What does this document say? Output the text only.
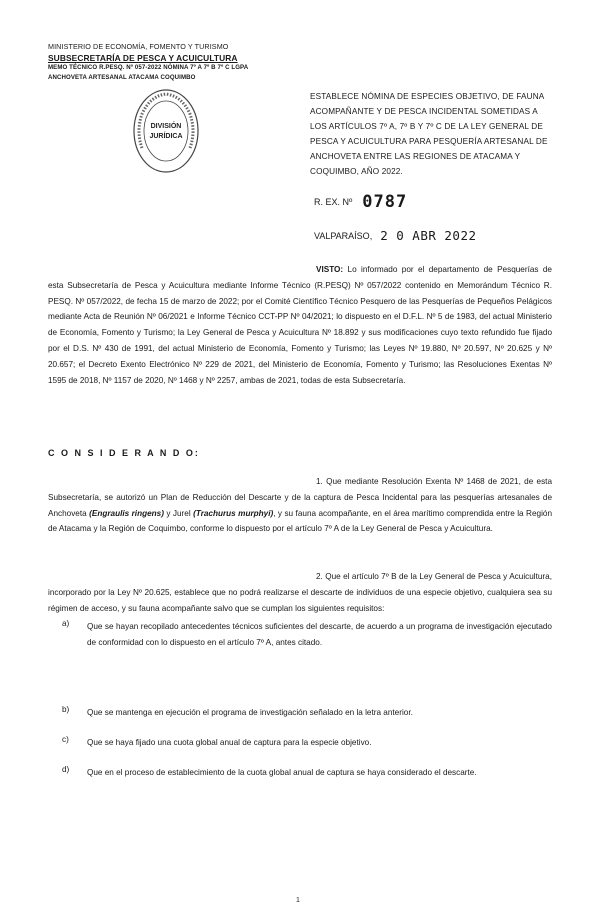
MINISTERIO DE ECONOMÍA, FOMENTO Y TURISMO
SUBSECRETARÍA DE PESCA Y ACUICULTURA
MEMO TÉCNICO R.PESQ. Nº 057-2022 NÓMINA 7º A 7º B 7º C LGPA
ANCHOVETA ARTESANAL ATACAMA COQUIMBO
DIVISIÓN
JURÍDICA
ESTABLECE NÓMINA DE ESPECIES OBJETIVO, DE FAUNA ACOMPAÑANTE Y DE PESCA INCIDENTAL SOMETIDAS A LOS ARTÍCULOS 7º A, 7º B Y 7º C DE LA LEY GENERAL DE PESCA Y ACUICULTURA PARA PESQUERÍA ARTESANAL DE ANCHOVETA ENTRE LAS REGIONES DE ATACAMA Y COQUIMBO, AÑO 2022.
R. EX. Nº 0787
VALPARAÍSO, 2 0 ABR 2022
VISTO: Lo informado por el departamento de Pesquerías de esta Subsecretaría de Pesca y Acuicultura mediante Informe Técnico (R.PESQ) Nº 057/2022 contenido en Memorándum Técnico R. PESQ. Nº 057/2022, de fecha 15 de marzo de 2022; por el Comité Científico Técnico Pesquero de las Pesquerías de Pequeños Pelágicos mediante Acta de Reunión Nº 06/2021 e Informe Técnico CCT-PP Nº 04/2021; lo dispuesto en el D.F.L. Nº 5 de 1983, del actual Ministerio de Economía, Fomento y Turismo; la Ley General de Pesca y Acuicultura Nº 18.892 y sus modificaciones cuyo texto refundido fue fijado por el D.S. Nº 430 de 1991, del actual Ministerio de Economía, Fomento y Turismo; las Leyes Nº 19.880, Nº 20.597, Nº 20.625 y Nº 20.657; el Decreto Exento Electrónico Nº 229 de 2021, del Ministerio de Economía, Fomento y Turismo; las Resoluciones Exentas Nº 1595 de 2018, Nº 1157 de 2020, Nº 1468 y Nº 2257, ambas de 2021, todas de esta Subsecretaría.
C O N S I D E R A N D O:
1. Que mediante Resolución Exenta Nº 1468 de 2021, de esta Subsecretaría, se autorizó un Plan de Reducción del Descarte y de la captura de Pesca Incidental para las pesquerías artesanales de Anchoveta (Engraulis ringens) y Jurel (Trachurus murphyi), y su fauna acompañante, en el área marítimo comprendida entre la Región de Atacama y la Región de Coquimbo, conforme lo dispuesto por el artículo 7º A de la Ley General de Pesca y Acuicultura.
2. Que el artículo 7º B de la Ley General de Pesca y Acuicultura, incorporado por la Ley Nº 20.625, establece que no podrá realizarse el descarte de individuos de una especie objetivo, cualquiera sea su régimen de acceso, y su fauna acompañante salvo que se cumplan los siguientes requisitos:
a) Que se hayan recopilado antecedentes técnicos suficientes del descarte, de acuerdo a un programa de investigación ejecutado de conformidad con lo dispuesto en el artículo 7º A, antes citado.
b) Que se mantenga en ejecución el programa de investigación señalado en la letra anterior.
c) Que se haya fijado una cuota global anual de captura para la especie objetivo.
d) Que en el proceso de establecimiento de la cuota global anual de captura se haya considerado el descarte.
1
